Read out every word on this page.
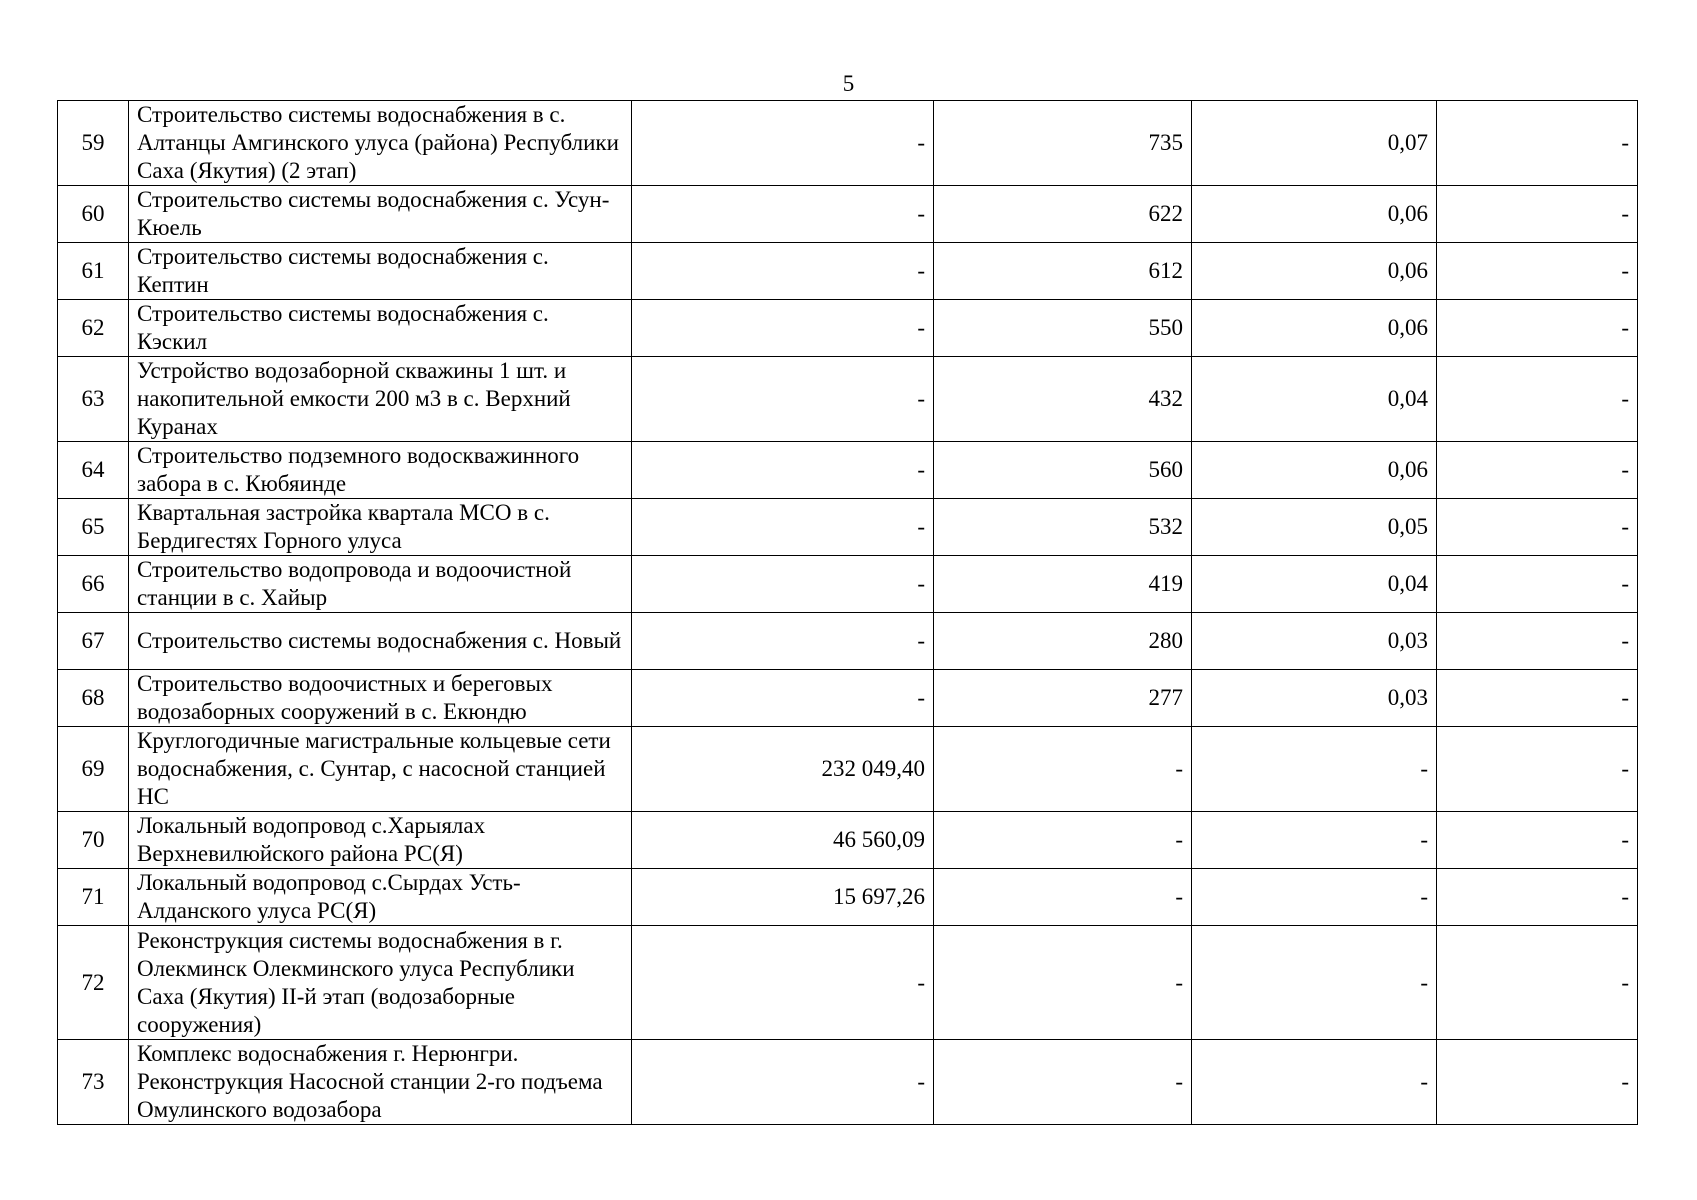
5
59	Строительство системы водоснабжения в с. Алтанцы Амгинского улуса (района) Республики Саха (Якутия) (2 этап)	-	735	0,07	-
60	Строительство системы водоснабжения с. Усун-Кюель	-	622	0,06	-
61	Строительство системы водоснабжения с. Кептин	-	612	0,06	-
62	Строительство системы водоснабжения с. Кэскил	-	550	0,06	-
63	Устройство водозаборной скважины 1 шт. и накопительной емкости 200 м3 в с. Верхний Куранах	-	432	0,04	-
64	Строительство подземного водоскважинного забора в с. Кюбяинде	-	560	0,06	-
65	Квартальная застройка квартала МСО в с. Бердигестях Горного улуса	-	532	0,05	-
66	Строительство водопровода и водоочистной станции в с. Хайыр	-	419	0,04	-
67	Строительство системы водоснабжения с. Новый	-	280	0,03	-
68	Строительство водоочистных и береговых водозаборных сооружений в с. Екюндю	-	277	0,03	-
69	Круглогодичные магистральные кольцевые сети водоснабжения, с. Сунтар, с насосной станцией НС	232 049,40	-	-	-
70	Локальный водопровод с.Харыялах Верхневилюйского района РС(Я)	46 560,09	-	-	-
71	Локальный водопровод с.Сырдах Усть-Алданского улуса РС(Я)	15 697,26	-	-	-
72	Реконструкция системы водоснабжения в г. Олекминск Олекминского улуса Республики Саха (Якутия) II-й этап (водозаборные сооружения)	-	-	-	-
73	Комплекс водоснабжения г. Нерюнгри. Реконструкция Насосной станции 2-го подъема Омулинского водозабора	-	-	-	-
